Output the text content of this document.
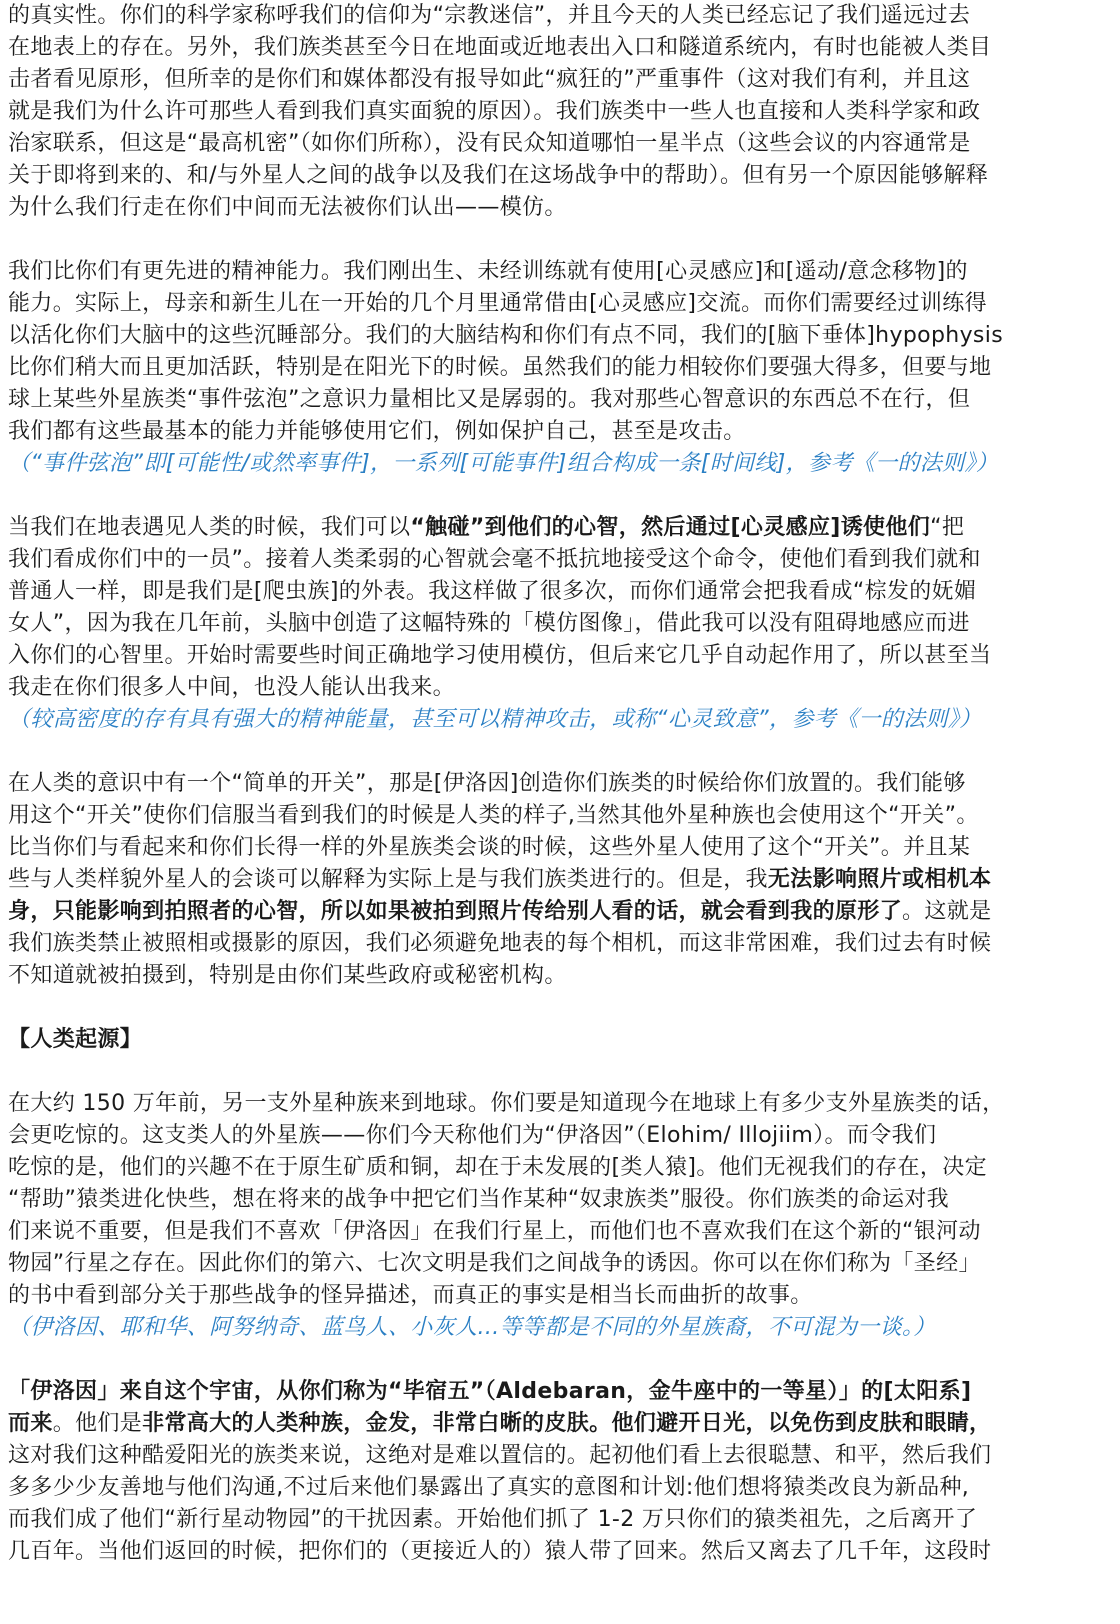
的真实性。你们的科学家称呼我们的信仰为“宗教迷信”，并且今天的人类已经忘记了我们遥远过去
在地表上的存在。另外，我们族类甚至今日在地面或近地表出入口和隧道系统内，有时也能被人类目
击者看见原形，但所幸的是你们和媒体都没有报导如此“疯狂的”严重事件（这对我们有利，并且这
就是我们为什么许可那些人看到我们真实面貌的原因）。我们族类中一些人也直接和人类科学家和政
治家联系，但这是“最高机密”（如你们所称），没有民众知道哪怕一星半点（这些会议的内容通常是
关于即将到来的、和/与外星人之间的战争以及我们在这场战争中的帮助）。但有另一个原因能够解释
为什么我们行走在你们中间而无法被你们认出——模仿。
我们比你们有更先进的精神能力。我们刚出生、未经训练就有使用[心灵感应]和[遥动/意念移物]的
能力。实际上，母亲和新生儿在一开始的几个月里通常借由[心灵感应]交流。而你们需要经过训练得
以活化你们大脑中的这些沉睡部分。我们的大脑结构和你们有点不同，我们的[脑下垂体]hypophysis
比你们稍大而且更加活跃，特别是在阳光下的时候。虽然我们的能力相较你们要强大得多，但要与地
球上某些外星族类“事件弦泡”之意识力量相比又是孱弱的。我对那些心智意识的东西总不在行，但
我们都有这些最基本的能力并能够使用它们，例如保护自己，甚至是攻击。
（“事件弦泡”即[可能性/或然率事件]，一系列[可能事件]组合构成一条[时间线]，参考《一的法则》）
当我们在地表遇见人类的时候，我们可以“触碰”到他们的心智，然后通过[心灵感应]诱使他们“把
我们看成你们中的一员”。接着人类柔弱的心智就会毫不抵抗地接受这个命令，使他们看到我们就和
普通人一样，即是我们是[爬虫族]的外表。我这样做了很多次，而你们通常会把我看成“棕发的妩媚
女人”，因为我在几年前，头脑中创造了这幅特殊的「模仿图像」，借此我可以没有阻碍地感应而进
入你们的心智里。开始时需要些时间正确地学习使用模仿，但后来它几乎自动起作用了，所以甚至当
我走在你们很多人中间，也没人能认出我来。
（较高密度的存有具有强大的精神能量，甚至可以精神攻击，或称“心灵致意”，参考《一的法则》）
在人类的意识中有一个“简单的开关”，那是[伊洛因]创造你们族类的时候给你们放置的。我们能够
用这个“开关”使你们信服当看到我们的时候是人类的样子,当然其他外星种族也会使用这个“开关”。
比当你们与看起来和你们长得一样的外星族类会谈的时候，这些外星人使用了这个“开关”。并且某
些与人类样貌外星人的会谈可以解释为实际上是与我们族类进行的。但是，我无法影响照片或相机本
身，只能影响到拍照者的心智，所以如果被拍到照片传给别人看的话，就会看到我的原形了。这就是
我们族类禁止被照相或摄影的原因，我们必须避免地表的每个相机，而这非常困难，我们过去有时候
不知道就被拍摄到，特别是由你们某些政府或秘密机构。
【人类起源】
在大约 150 万年前，另一支外星种族来到地球。你们要是知道现今在地球上有多少支外星族类的话，
会更吃惊的。这支类人的外星族——你们今天称他们为“伊洛因”（Elohim/ Illojiim）。而令我们
吃惊的是，他们的兴趣不在于原生矿质和铜，却在于未发展的[类人猿]。他们无视我们的存在，决定
“帮助”猿类进化快些，想在将来的战争中把它们当作某种“奴隶族类”服役。你们族类的命运对我
们来说不重要，但是我们不喜欢「伊洛因」在我们行星上，而他们也不喜欢我们在这个新的“银河动
物园”行星之存在。因此你们的第六、七次文明是我们之间战争的诱因。你可以在你们称为「圣经」
的书中看到部分关于那些战争的怪异描述，而真正的事实是相当长而曲折的故事。
（伊洛因、耶和华、阿努纳奇、蓝鸟人、小灰人…等等都是不同的外星族裔，不可混为一谈。）
「伊洛因」来自这个宇宙，从你们称为“毕宿五”（Aldebaran，金牛座中的一等星）」的[太阳系]
而来。他们是非常高大的人类种族，金发，非常白晰的皮肤。他们避开日光，以免伤到皮肤和眼睛，
这对我们这种酷爱阳光的族类来说，这绝对是难以置信的。起初他们看上去很聪慧、和平，然后我们
多多少少友善地与他们沟通,不过后来他们暴露出了真实的意图和计划:他们想将猿类改良为新品种,
而我们成了他们“新行星动物园”的干扰因素。开始他们抓了 1-2 万只你们的猿类祖先，之后离开了
几百年。当他们返回的时候，把你们的（更接近人的）猿人带了回来。然后又离去了几千年，这段时
